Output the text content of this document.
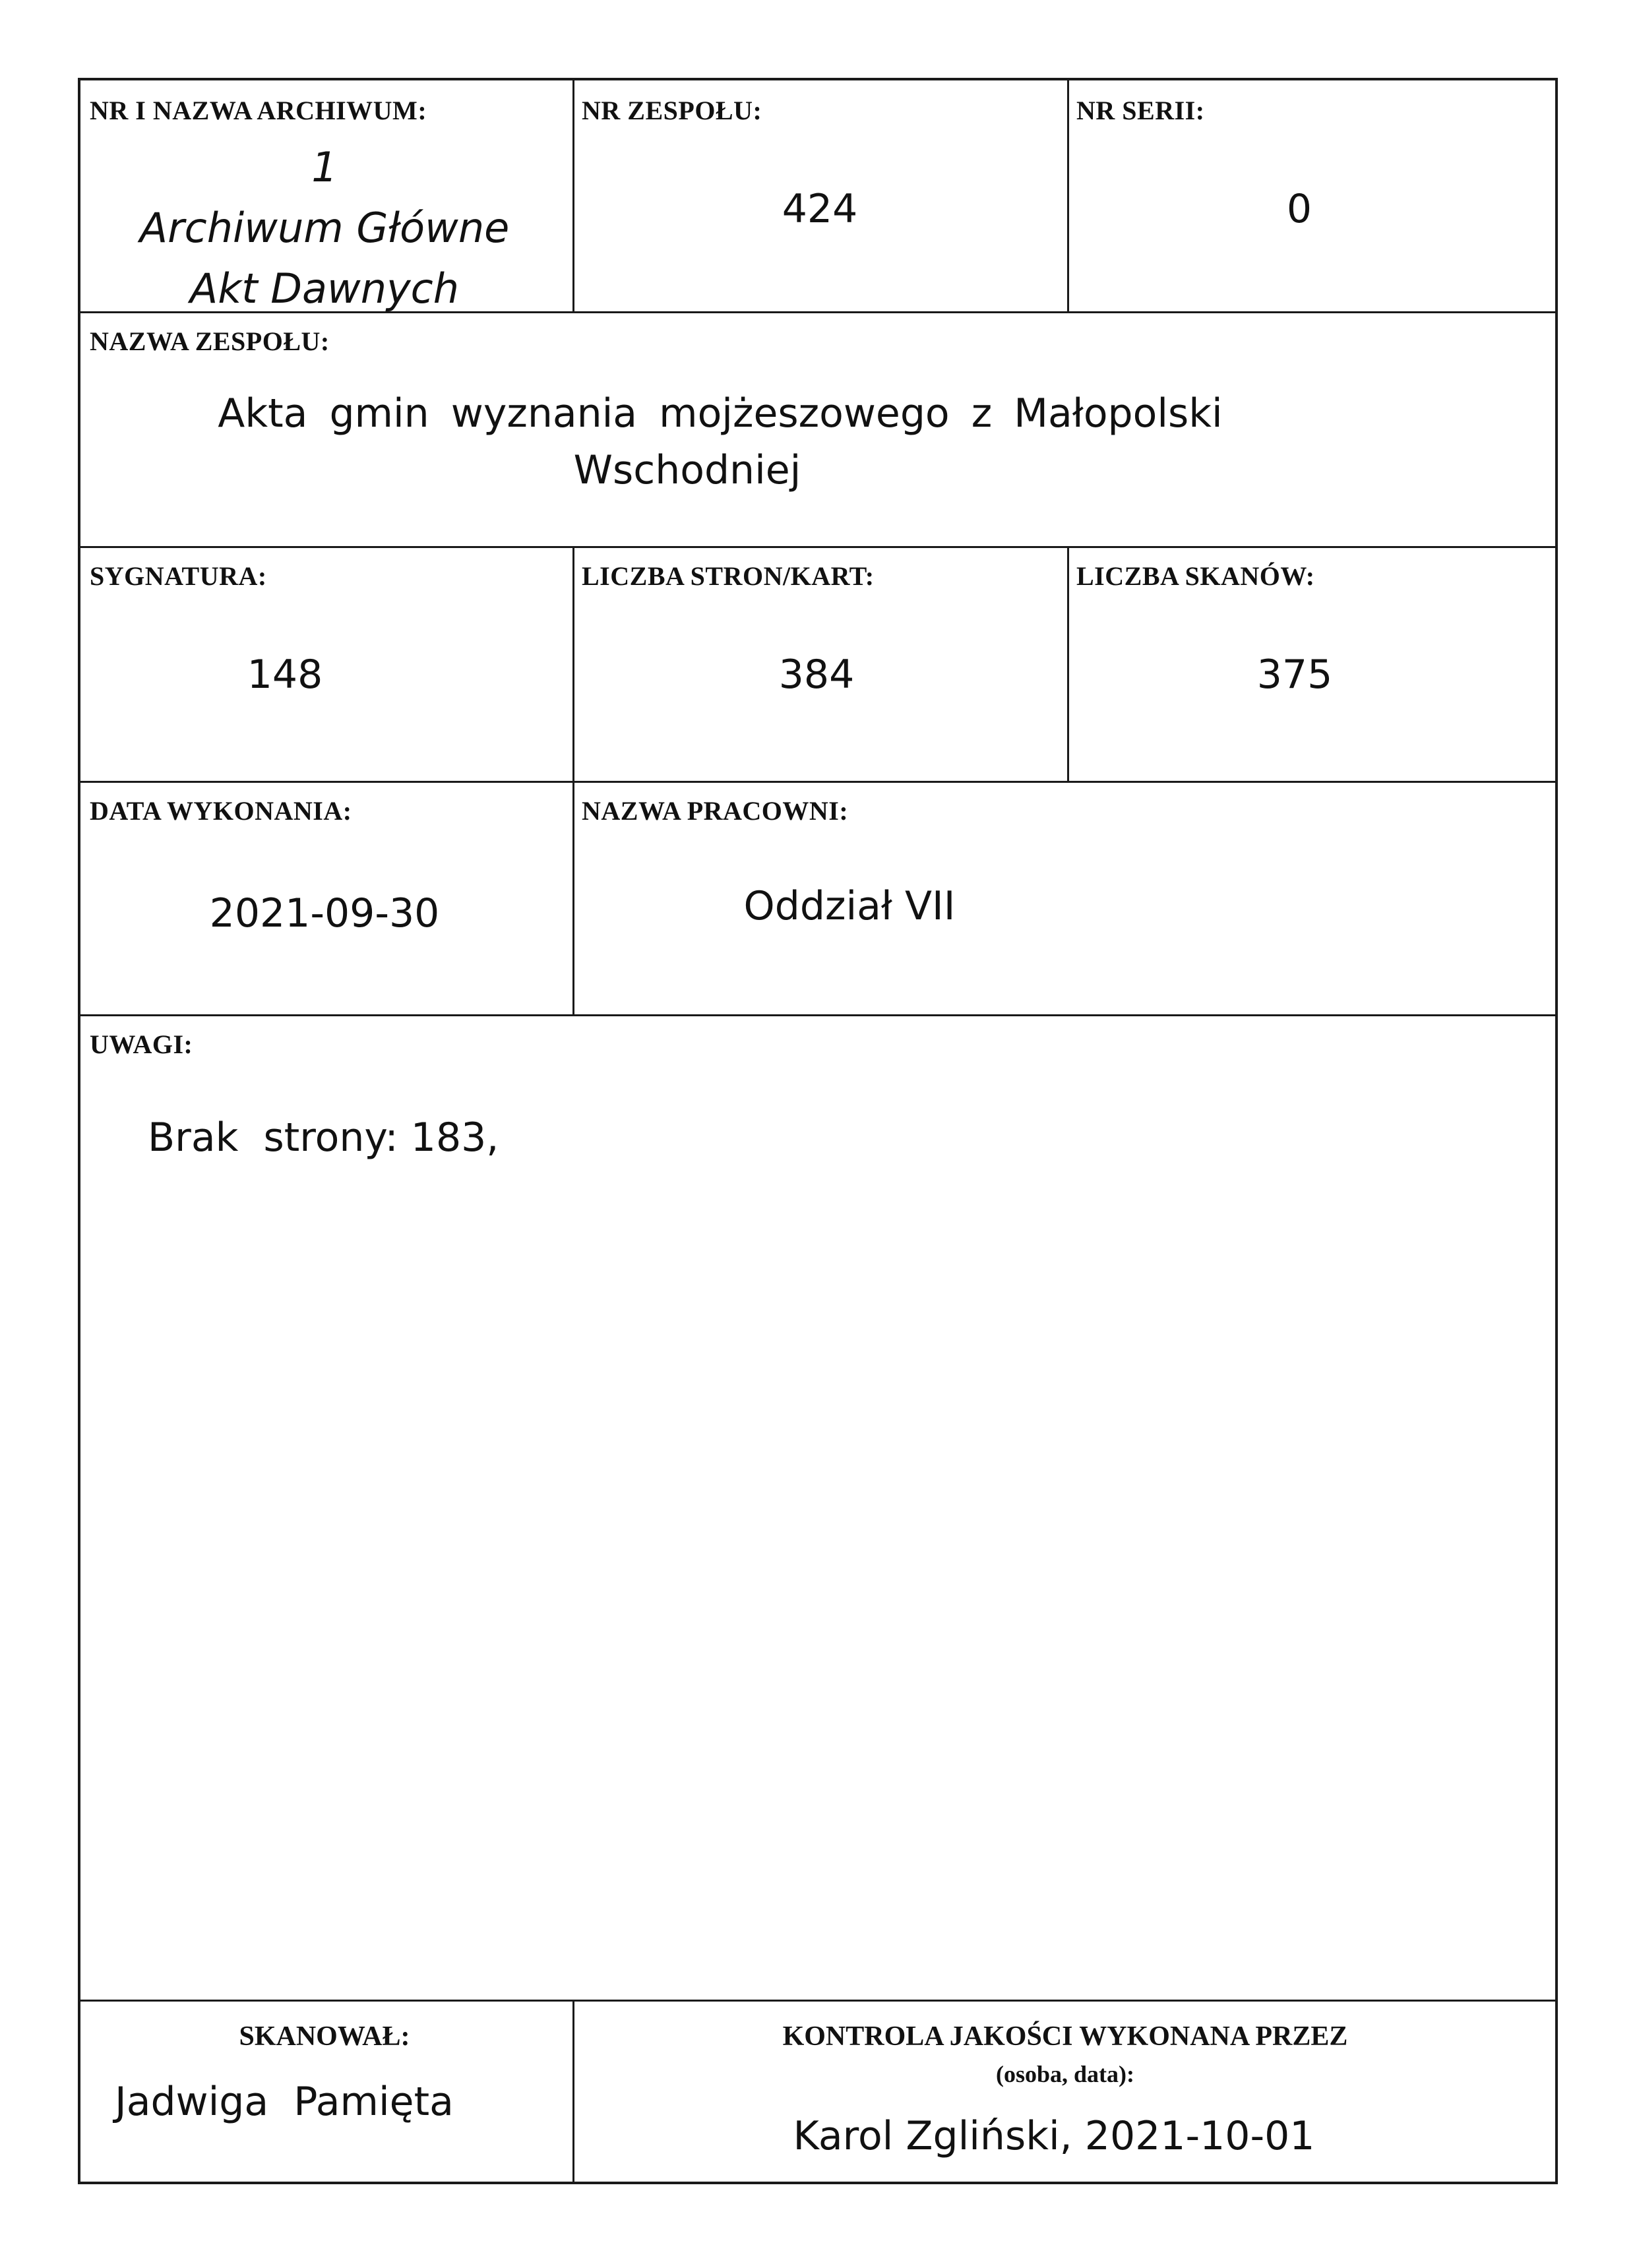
NR I NAZWA ARCHIWUM:
1
Archiwum Główne
Akt Dawnych
NR ZESPOŁU:
424
NR SERII:
0
NAZWA ZESPOŁU:
Akta gmin wyznania mojżeszowego z Małopolski
Wschodniej
SYGNATURA:
148
LICZBA STRON/KART:
384
LICZBA SKANÓW:
375
DATA WYKONANIA:
2021-09-30
NAZWA PRACOWNI:
Oddział VII
UWAGI:
Brak  strony: 183,
SKANOWAŁ:
Jadwiga  Pamięta
KONTROLA JAKOŚCI WYKONANA PRZEZ
(osoba, data):
Karol Zgliński, 2021-10-01
